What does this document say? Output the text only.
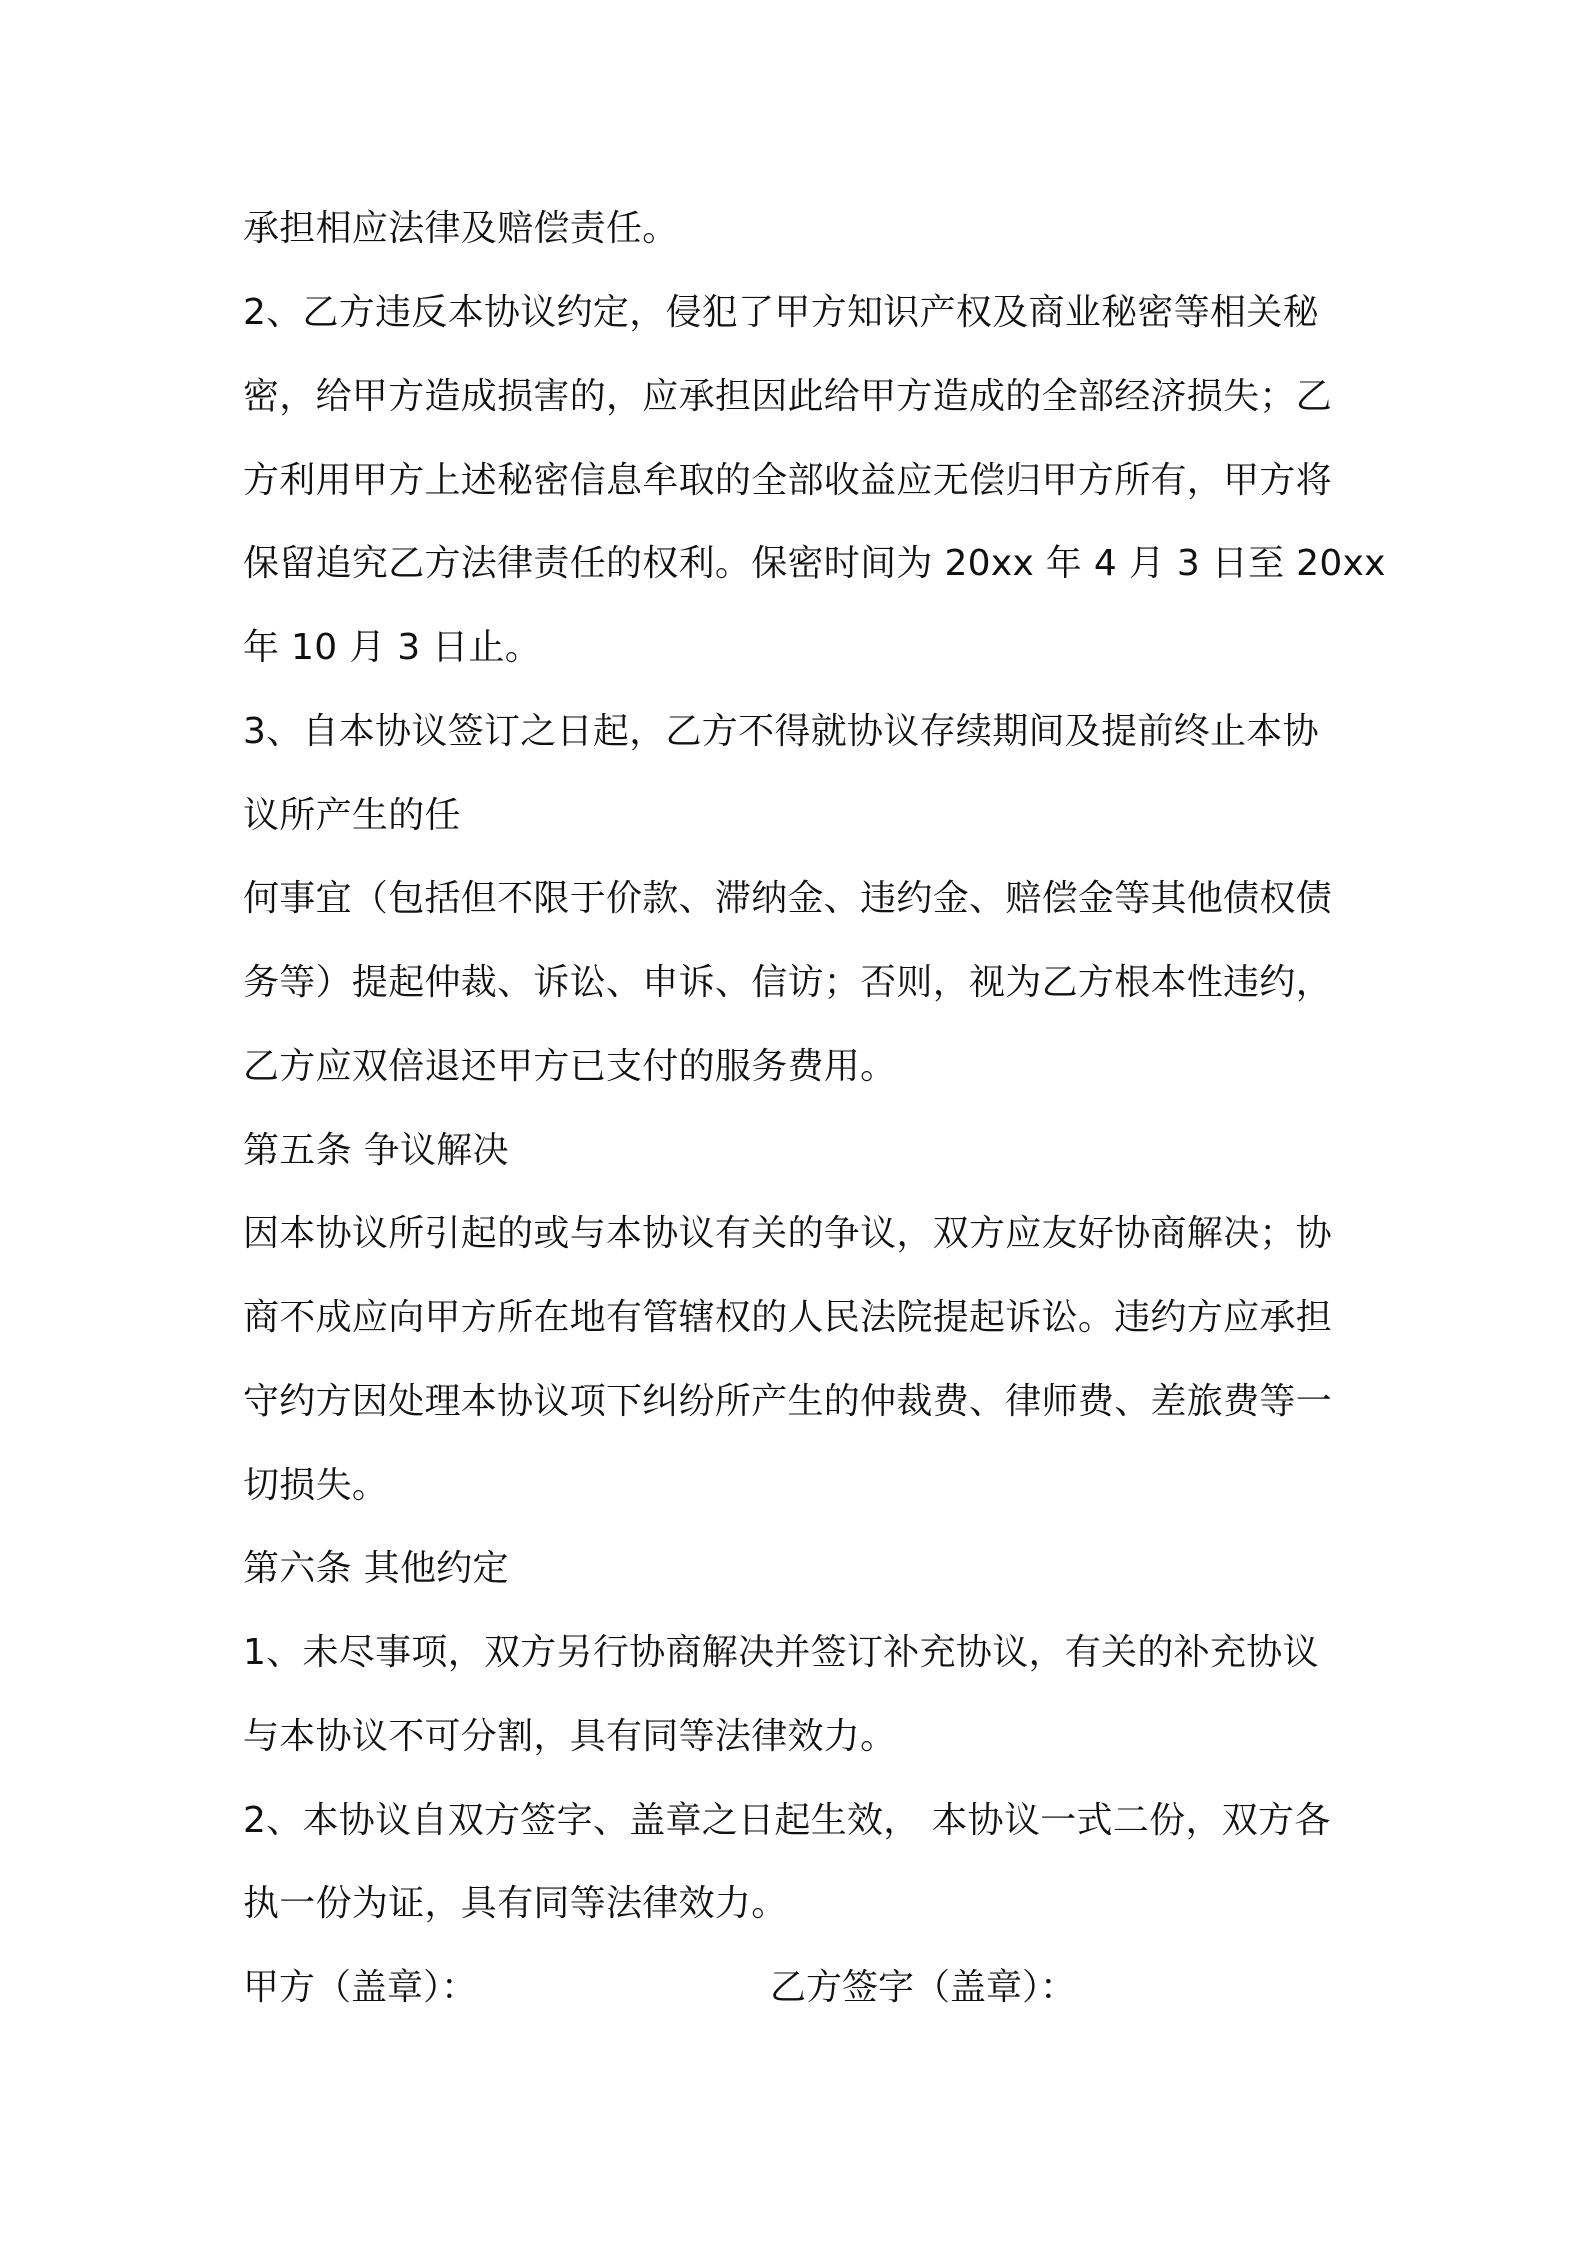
承担相应法律及赔偿责任。
2、乙方违反本协议约定，侵犯了甲方知识产权及商业秘密等相关秘
密，给甲方造成损害的，应承担因此给甲方造成的全部经济损失；乙
方利用甲方上述秘密信息牟取的全部收益应无偿归甲方所有，甲方将
保留追究乙方法律责任的权利。保密时间为 20xx 年 4 月 3 日至 20xx
年 10 月 3 日止。
3、自本协议签订之日起，乙方不得就协议存续期间及提前终止本协
议所产生的任
何事宜（包括但不限于价款、滞纳金、违约金、赔偿金等其他债权债
务等）提起仲裁、诉讼、申诉、信访；否则，视为乙方根本性违约，
乙方应双倍退还甲方已支付的服务费用。
第五条 争议解决
因本协议所引起的或与本协议有关的争议，双方应友好协商解决；协
商不成应向甲方所在地有管辖权的人民法院提起诉讼。违约方应承担
守约方因处理本协议项下纠纷所产生的仲裁费、律师费、差旅费等一
切损失。
第六条 其他约定
1、未尽事项，双方另行协商解决并签订补充协议，有关的补充协议
与本协议不可分割，具有同等法律效力。
2、本协议自双方签字、盖章之日起生效， 本协议一式二份，双方各
执一份为证，具有同等法律效力。
甲方（盖章）：	乙方签字（盖章）：
